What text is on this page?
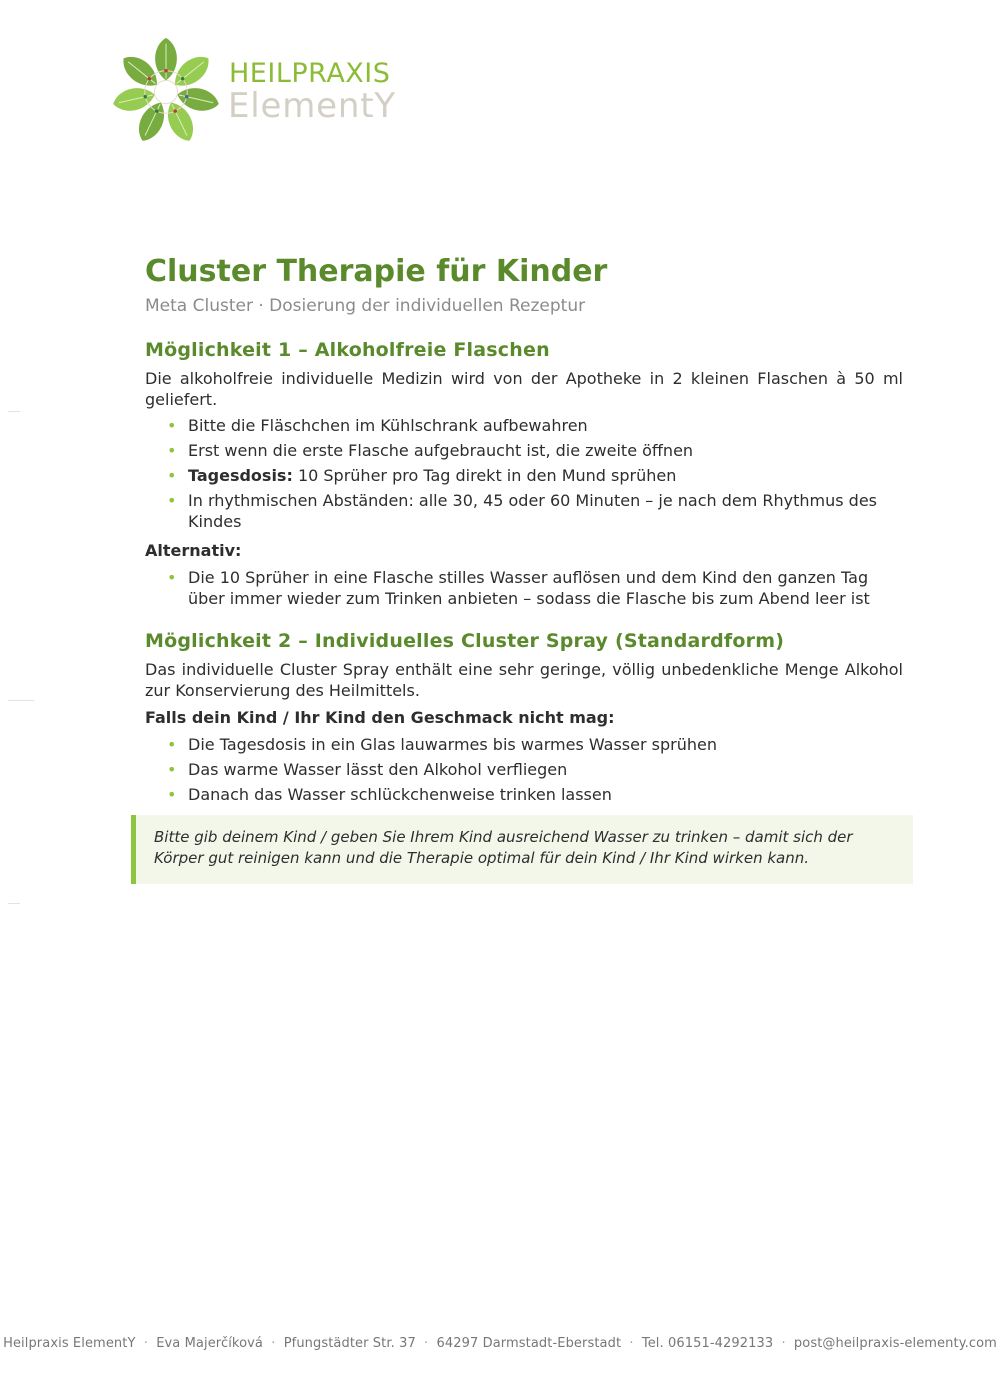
HEILPRAXIS
ElementY
Cluster Therapie für Kinder
Meta Cluster · Dosierung der individuellen Rezeptur
Möglichkeit 1 – Alkoholfreie Flaschen

Die alkoholfreie individuelle Medizin wird von der Apotheke in 2 kleinen Flaschen à 50 ml geliefert.

• Bitte die Fläschchen im Kühlschrank aufbewahren
• Erst wenn die erste Flasche aufgebraucht ist, die zweite öffnen
• Tagesdosis: 10 Sprüher pro Tag direkt in den Mund sprühen
• In rhythmischen Abständen: alle 30, 45 oder 60 Minuten – je nach dem Rhythmus des Kindes
Alternativ:
• Die 10 Sprüher in eine Flasche stilles Wasser auflösen und dem Kind den ganzen Tag über immer wieder zum Trinken anbieten – sodass die Flasche bis zum Abend leer ist
Möglichkeit 2 – Individuelles Cluster Spray (Standardform)

Das individuelle Cluster Spray enthält eine sehr geringe, völlig unbedenkliche Menge Alkohol zur Konservierung des Heilmittels.

Falls dein Kind / Ihr Kind den Geschmack nicht mag:
• Die Tagesdosis in ein Glas lauwarmes bis warmes Wasser sprühen
• Das warme Wasser lässt den Alkohol verfliegen
• Danach das Wasser schlückchenweise trinken lassen
Bitte gib deinem Kind / geben Sie Ihrem Kind ausreichend Wasser zu trinken – damit sich der Körper gut reinigen kann und die Therapie optimal für dein Kind / Ihr Kind wirken kann.
Heilpraxis ElementY · Eva Majerčíková · Pfungstädter Str. 37 · 64297 Darmstadt-Eberstadt · Tel. 06151-4292133 · post@heilpraxis-elementy.com
